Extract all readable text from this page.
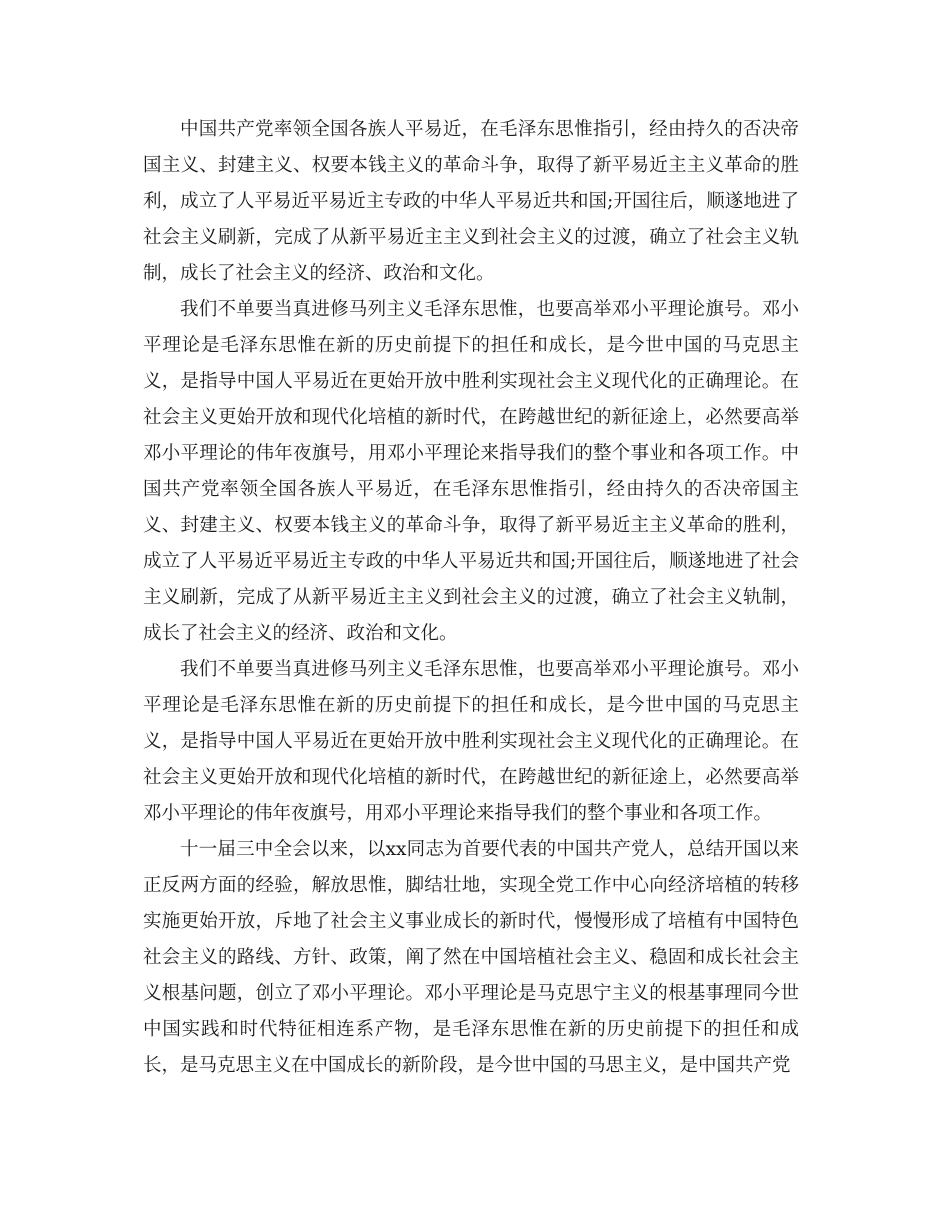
中国共产党率领全国各族人平易近，在毛泽东思惟指引，经由持久的否决帝国主义、封建主义、权要本钱主义的革命斗争，取得了新平易近主主义革命的胜利，成立了人平易近平易近主专政的中华人平易近共和国;开国往后，顺遂地进了社会主义刷新，完成了从新平易近主主义到社会主义的过渡，确立了社会主义轨制，成长了社会主义的经济、政治和文化。

我们不单要当真进修马列主义毛泽东思惟，也要高举邓小平理论旗号。邓小平理论是毛泽东思惟在新的历史前提下的担任和成长，是今世中国的马克思主义，是指导中国人平易近在更始开放中胜利实现社会主义现代化的正确理论。在社会主义更始开放和现代化培植的新时代，在跨越世纪的新征途上，必然要高举邓小平理论的伟年夜旗号，用邓小平理论来指导我们的整个事业和各项工作。中国共产党率领全国各族人平易近，在毛泽东思惟指引，经由持久的否决帝国主义、封建主义、权要本钱主义的革命斗争，取得了新平易近主主义革命的胜利，成立了人平易近平易近主专政的中华人平易近共和国;开国往后，顺遂地进了社会主义刷新，完成了从新平易近主主义到社会主义的过渡，确立了社会主义轨制，成长了社会主义的经济、政治和文化。

我们不单要当真进修马列主义毛泽东思惟，也要高举邓小平理论旗号。邓小平理论是毛泽东思惟在新的历史前提下的担任和成长，是今世中国的马克思主义，是指导中国人平易近在更始开放中胜利实现社会主义现代化的正确理论。在社会主义更始开放和现代化培植的新时代，在跨越世纪的新征途上，必然要高举邓小平理论的伟年夜旗号，用邓小平理论来指导我们的整个事业和各项工作。

十一届三中全会以来，以xx同志为首要代表的中国共产党人，总结开国以来正反两方面的经验，解放思惟，脚结壮地，实现全党工作中心向经济培植的转移实施更始开放，斥地了社会主义事业成长的新时代，慢慢形成了培植有中国特色社会主义的路线、方针、政策，阐了然在中国培植社会主义、稳固和成长社会主义根基问题，创立了邓小平理论。邓小平理论是马克思宁主义的根基事理同今世中国实践和时代特征相连系产物，是毛泽东思惟在新的历史前提下的担任和成长，是马克思主义在中国成长的新阶段，是今世中国的马思主义，是中国共产党
